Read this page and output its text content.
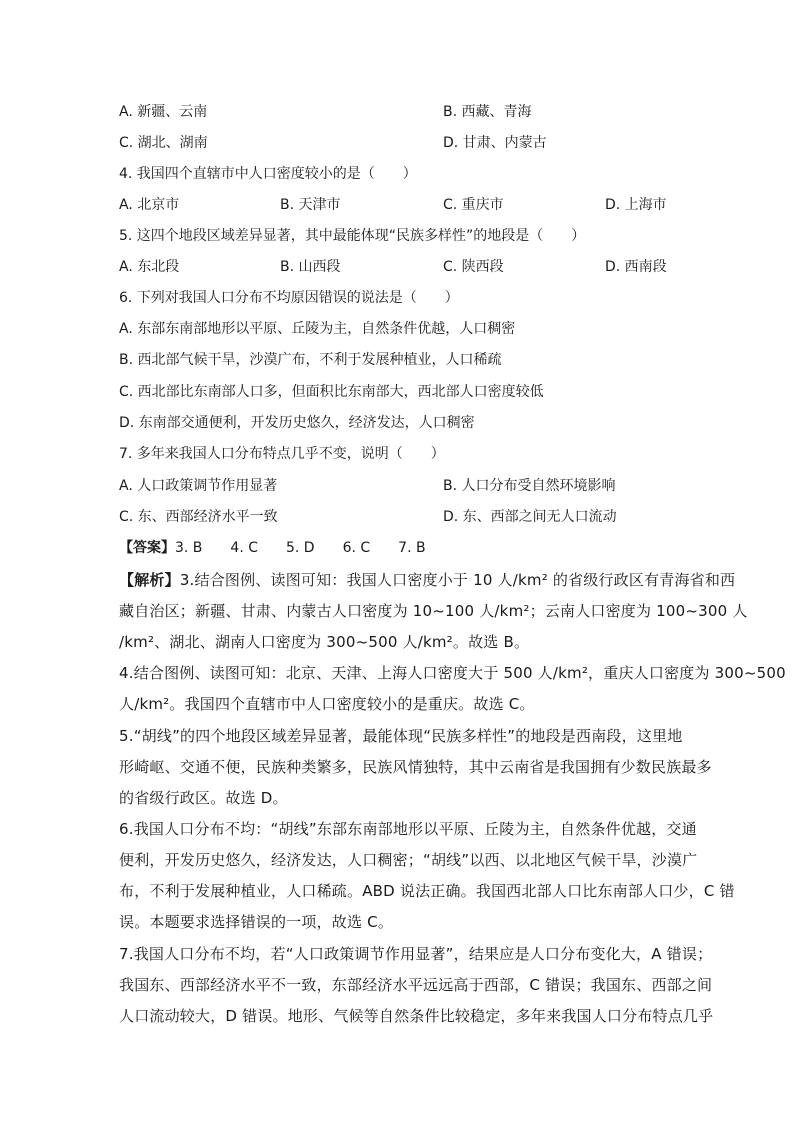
A. 新疆、云南	B. 西藏、青海
C. 湖北、湖南	D. 甘肃、内蒙古
4. 我国四个直辖市中人口密度较小的是（　　）
A. 北京市	B. 天津市	C. 重庆市	D. 上海市
5. 这四个地段区域差异显著，其中最能体现“民族多样性”的地段是（　　）
A. 东北段	B. 山西段	C. 陕西段	D. 西南段
6. 下列对我国人口分布不均原因错误的说法是（　　）
A. 东部东南部地形以平原、丘陵为主，自然条件优越，人口稠密
B. 西北部气候干旱，沙漠广布，不利于发展种植业，人口稀疏
C. 西北部比东南部人口多，但面积比东南部大，西北部人口密度较低
D. 东南部交通便利，开发历史悠久，经济发达，人口稠密
7. 多年来我国人口分布特点几乎不变，说明（　　）
A. 人口政策调节作用显著	B. 人口分布受自然环境影响
C. 东、西部经济水平一致	D. 东、西部之间无人口流动
【答案】3. B　　4. C　　5. D　　6. C　　7. B
【解析】3.结合图例、读图可知：我国人口密度小于 10 人/km² 的省级行政区有青海省和西
藏自治区；新疆、甘肃、内蒙古人口密度为 10~100 人/km²；云南人口密度为 100~300 人
/km²、湖北、湖南人口密度为 300~500 人/km²。故选 B。
4.结合图例、读图可知：北京、天津、上海人口密度大于 500 人/km²，重庆人口密度为 300~500
人/km²。我国四个直辖市中人口密度较小的是重庆。故选 C。
5.“胡线”的四个地段区域差异显著，最能体现“民族多样性”的地段是西南段，这里地
形崎岖、交通不便，民族种类繁多，民族风情独特，其中云南省是我国拥有少数民族最多
的省级行政区。故选 D。
6.我国人口分布不均：“胡线”东部东南部地形以平原、丘陵为主，自然条件优越，交通
便利，开发历史悠久，经济发达，人口稠密；“胡线”以西、以北地区气候干旱，沙漠广
布，不利于发展种植业，人口稀疏。ABD 说法正确。我国西北部人口比东南部人口少，C 错
误。本题要求选择错误的一项，故选 C。
7.我国人口分布不均，若“人口政策调节作用显著”，结果应是人口分布变化大，A 错误；
我国东、西部经济水平不一致，东部经济水平远远高于西部，C 错误；我国东、西部之间
人口流动较大，D 错误。地形、气候等自然条件比较稳定，多年来我国人口分布特点几乎
